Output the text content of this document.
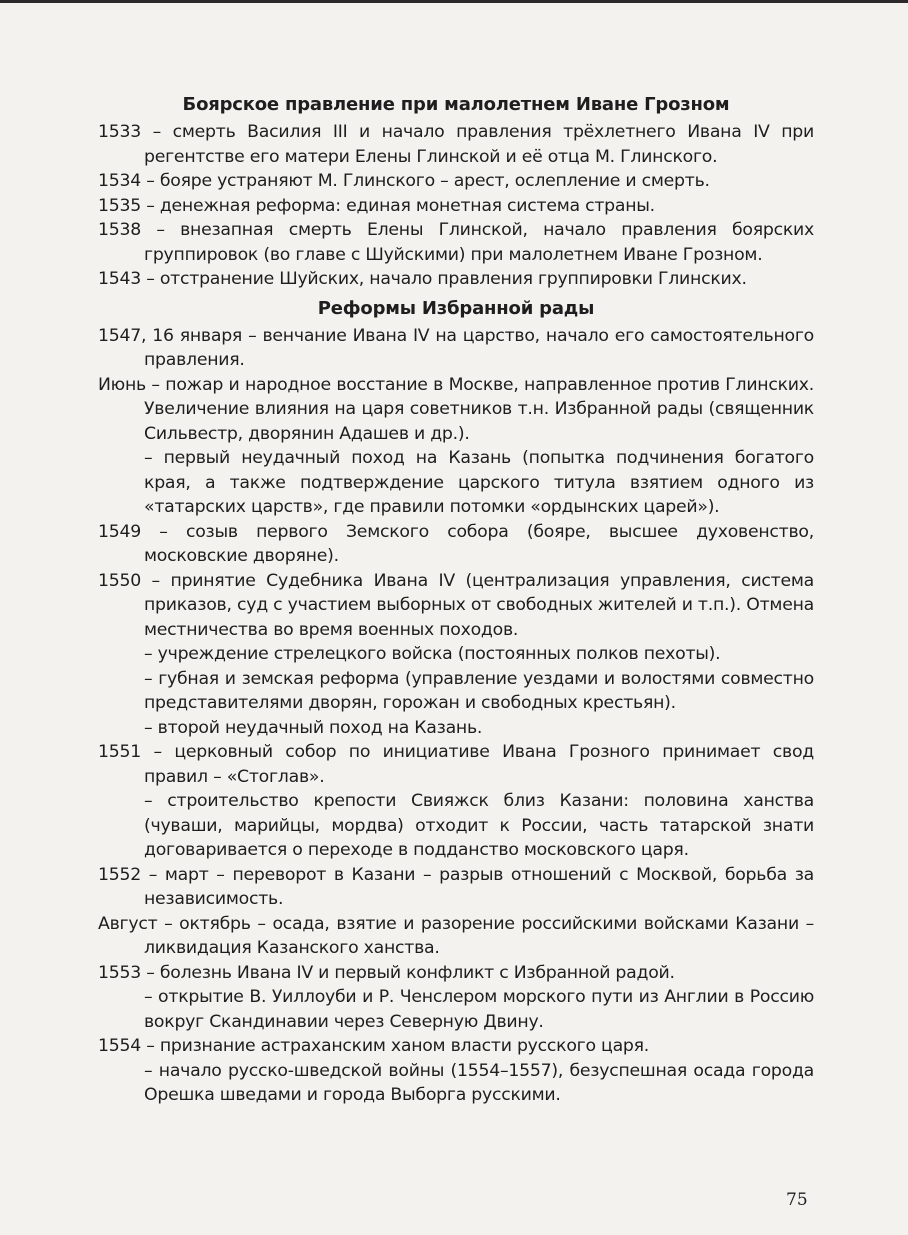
Боярское правление при малолетнем Иване Грозном

1533 – смерть Василия III и начало правления трёхлетнего Ивана IV при регентстве его матери Елены Глинской и её отца М. Глинского.

1534 – бояре устраняют М. Глинского – арест, ослепление и смерть.

1535 – денежная реформа: единая монетная система страны.

1538 – внезапная смерть Елены Глинской, начало правления боярских группировок (во главе с Шуйскими) при малолетнем Иване Грозном.

1543 – отстранение Шуйских, начало правления группировки Глинских.

Реформы Избранной рады

1547, 16 января – венчание Ивана IV на царство, начало его самостоятельного правления.

Июнь – пожар и народное восстание в Москве, направленное против Глинских. Увеличение влияния на царя советников т.н. Избранной рады (священник Сильвестр, дворянин Адашев и др.).
– первый неудачный поход на Казань (попытка подчинения богатого края, а также подтверждение царского титула взятием одного из «татарских царств», где правили потомки «ордынских царей»).

1549 – созыв первого Земского собора (бояре, высшее духовенство, московские дворяне).

1550 – принятие Судебника Ивана IV (централизация управления, система приказов, суд с участием выборных от свободных жителей и т.п.). Отмена местничества во время военных походов.
– учреждение стрелецкого войска (постоянных полков пехоты).
– губная и земская реформа (управление уездами и волостями совместно представителями дворян, горожан и свободных крестьян).
– второй неудачный поход на Казань.

1551 – церковный собор по инициативе Ивана Грозного принимает свод правил – «Стоглав».
– строительство крепости Свияжск близ Казани: половина ханства (чуваши, марийцы, мордва) отходит к России, часть татарской знати договаривается о переходе в подданство московского царя.

1552 – март – переворот в Казани – разрыв отношений с Москвой, борьба за независимость.

Август – октябрь – осада, взятие и разорение российскими войсками Казани – ликвидация Казанского ханства.

1553 – болезнь Ивана IV и первый конфликт с Избранной радой.
– открытие В. Уиллоуби и Р. Ченслером морского пути из Англии в Россию вокруг Скандинавии через Северную Двину.

1554 – признание астраханским ханом власти русского царя.
– начало русско-шведской войны (1554–1557), безуспешная осада города Орешка шведами и города Выборга русскими.

75
